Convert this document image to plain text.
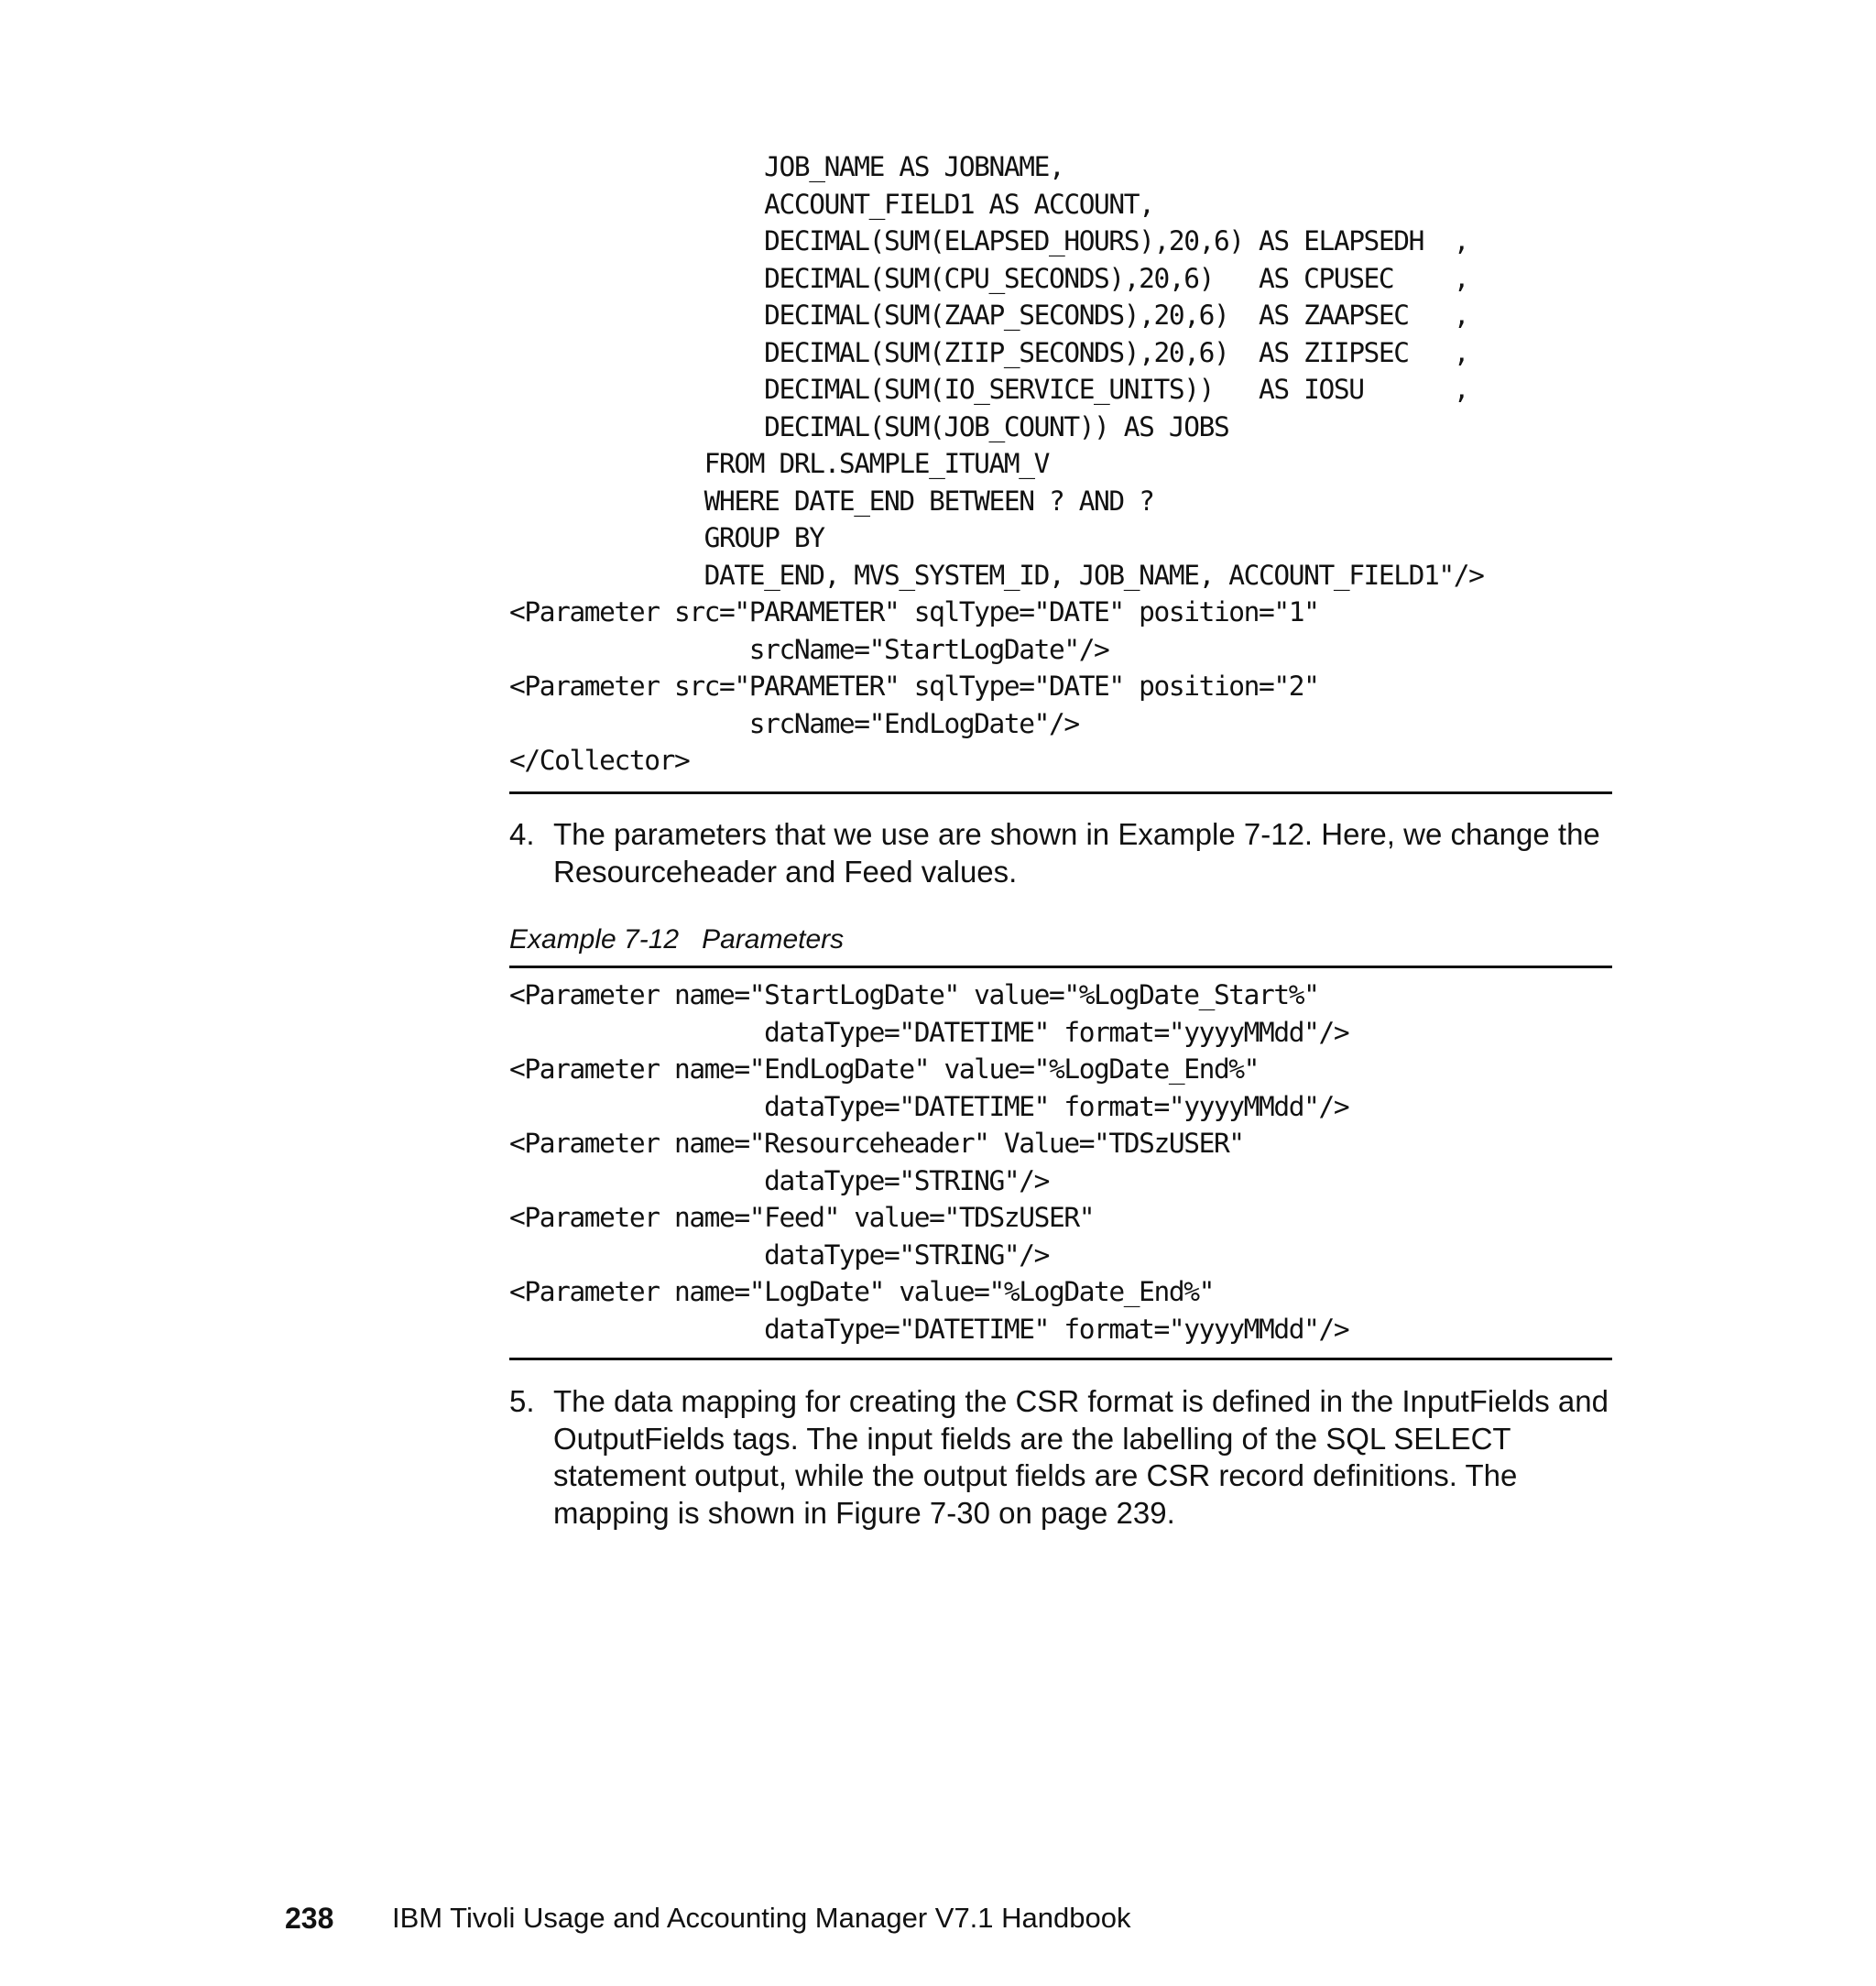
JOB_NAME AS JOBNAME,
ACCOUNT_FIELD1 AS ACCOUNT,
DECIMAL(SUM(ELAPSED_HOURS),20,6) AS ELAPSEDH  ,
DECIMAL(SUM(CPU_SECONDS),20,6)   AS CPUSEC    ,
DECIMAL(SUM(ZAAP_SECONDS),20,6)  AS ZAAPSEC   ,
DECIMAL(SUM(ZIIP_SECONDS),20,6)  AS ZIIPSEC   ,
DECIMAL(SUM(IO_SERVICE_UNITS))   AS IOSU      ,
DECIMAL(SUM(JOB_COUNT)) AS JOBS
FROM DRL.SAMPLE_ITUAM_V
WHERE DATE_END BETWEEN ? AND ?
GROUP BY
DATE_END, MVS_SYSTEM_ID, JOB_NAME, ACCOUNT_FIELD1"/>
<Parameter src="PARAMETER" sqlType="DATE" position="1"
srcName="StartLogDate"/>
<Parameter src="PARAMETER" sqlType="DATE" position="2"
srcName="EndLogDate"/>
</Collector>
4. The parameters that we use are shown in Example 7-12. Here, we change the Resourceheader and Feed values.
Example 7-12   Parameters
<Parameter name="StartLogDate" value="%LogDate_Start%"
dataType="DATETIME" format="yyyyMMdd"/>
<Parameter name="EndLogDate" value="%LogDate_End%"
dataType="DATETIME" format="yyyyMMdd"/>
<Parameter name="Resourceheader" Value="TDSzUSER"
dataType="STRING"/>
<Parameter name="Feed" value="TDSzUSER"
dataType="STRING"/>
<Parameter name="LogDate" value="%LogDate_End%"
dataType="DATETIME" format="yyyyMMdd"/>
5. The data mapping for creating the CSR format is defined in the InputFields and OutputFields tags. The input fields are the labelling of the SQL SELECT statement output, while the output fields are CSR record definitions. The mapping is shown in Figure 7-30 on page 239.
238 IBM Tivoli Usage and Accounting Manager V7.1 Handbook
